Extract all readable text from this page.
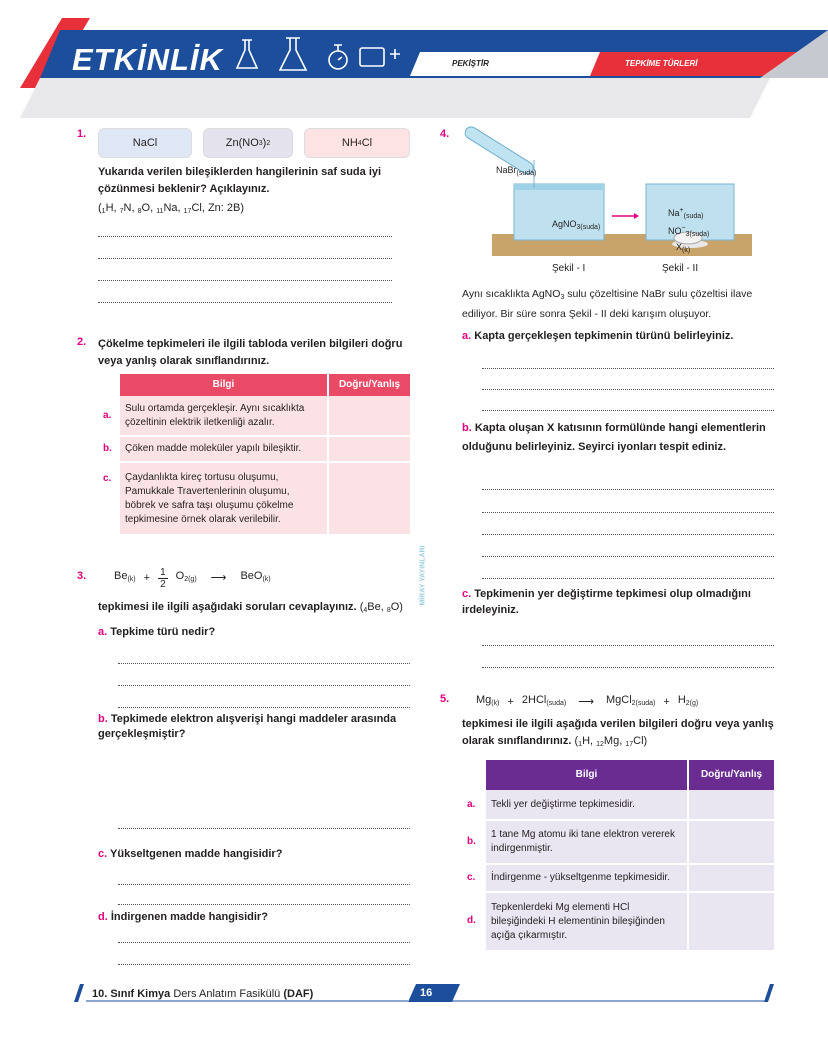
ETKİNLİK	PEKİŞTİR	TEPKİME TÜRLERİ
1.
NaCl	Zn(NO 3 ) 2	NH 4 Cl
Yukarıda verilen bileşiklerden hangilerinin saf suda iyi çözünmesi beklenir? Açıklayınız.
($_1H$, $_7$N, $_8$O, $_{11}$Na, $_{17}$Cl, Zn: 2B)
2. Çökelme tepkimeleri ile ilgili tabloda verilen bilgileri doğru veya yanlış olarak sınıflandırınız.
	Bilgi	Doğru/Yanlış
a.	Sulu ortamda gerçekleşir. Aynı sıcaklıkta çözeltinin elektrik iletkenliği azalır.	
b.	Çöken madde moleküler yapılı bileşiktir.	
c.	Çaydanlıkta kireç tortusu oluşumu, Pamukkale Travertenlerinin oluşumu, böbrek ve safra taşı oluşumu çökelme tepkimesine örnek olarak verilebilir.	
3.	$Be_{(k)} + \frac{1}{2} O_{2(g)}$ ⟶ BeO$_{(k)}$
tepkimesi ile ilgili aşağıdaki soruları cevaplayınız. ($_4Be$, $_8$O)
a. Tepkime türü nedir?
b. Tepkimede elektron alışverişi hangi maddeler arasında gerçekleşmiştir?
c. Yükseltgenen madde hangisidir?
d. İndirgenen madde hangisidir?
MİRAY YAYINLARI
4.
NaBr$_{(suda)}$
AgNO$_{3(suda)}$
$Na^+_{(suda)}$
$NO^-_{3(suda)}$
$X_{(k)}$
Şekil - I	Şekil - II
Aynı sıcaklıkta AgNO$_3$ sulu çözeltisine NaBr sulu çözeltisi ilave ediliyor. Bir süre sonra Şekil - II deki karışım oluşuyor.
a. Kapta gerçekleşen tepkimenin türünü belirleyiniz.
b. Kapta oluşan X katısının formülünde hangi elementlerin olduğunu belirleyiniz. Seyirci iyonları tespit ediniz.
c. Tepkimenin yer değiştirme tepkimesi olup olmadığını irdeleyiniz.
5. $Mg_{(k)} + 2HCl_{(suda)}$ ⟶ MgCl$_{2(suda)}$ + $H_{2(g)}$
tepkimesi ile ilgili aşağıda verilen bilgileri doğru veya yanlış olarak sınıflandırınız. ($_1H$, $_{12}$Mg, $_{17}$Cl)
	Bilgi	Doğru/Yanlış
a.	Tekli yer değiştirme tepkimesidir.	
b.	1 tane Mg atomu iki tane elektron vererek indirgenmiştir.	
c.	İndirgenme - yükseltgenme tepkimesidir.	
d.	Tepkenlerdeki Mg elementi HCl bileşiğindeki H elementinin bileşiğinden açığa çıkarmıştır.	
10. Sınıf Kimya Ders Anlatım Fasikülü (DAF)	16
